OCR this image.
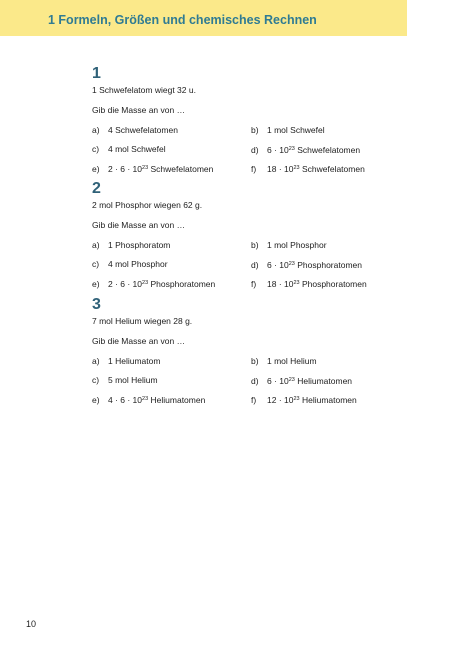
1 Formeln, Größen und chemisches Rechnen
1
1 Schwefelatom wiegt 32 u.
Gib die Masse an von …
a) 4 Schwefelatomen	b) 1 mol Schwefel
c) 4 mol Schwefel	d) $6 \cdot 10^{23}$ Schwefelatomen
e) $2 \cdot 6 \cdot 10^{23}$ Schwefelatomen	f) $18 \cdot 10^{23}$ Schwefelatomen
2
2 mol Phosphor wiegen 62 g.
Gib die Masse an von …
a) 1 Phosphoratom	b) 1 mol Phosphor
c) 4 mol Phosphor	d) $6 \cdot 10^{23}$ Phosphoratomen
e) $2 \cdot 6 \cdot 10^{23}$ Phosphoratomen	f) $18 \cdot 10^{23}$ Phosphoratomen
3
7 mol Helium wiegen 28 g.
Gib die Masse an von …
a) 1 Heliumatom	b) 1 mol Helium
c) 5 mol Helium	d) $6 \cdot 10^{23}$ Heliumatomen
e) $4 \cdot 6 \cdot 10^{23}$ Heliumatomen	f) $12 \cdot 10^{23}$ Heliumatomen
10
